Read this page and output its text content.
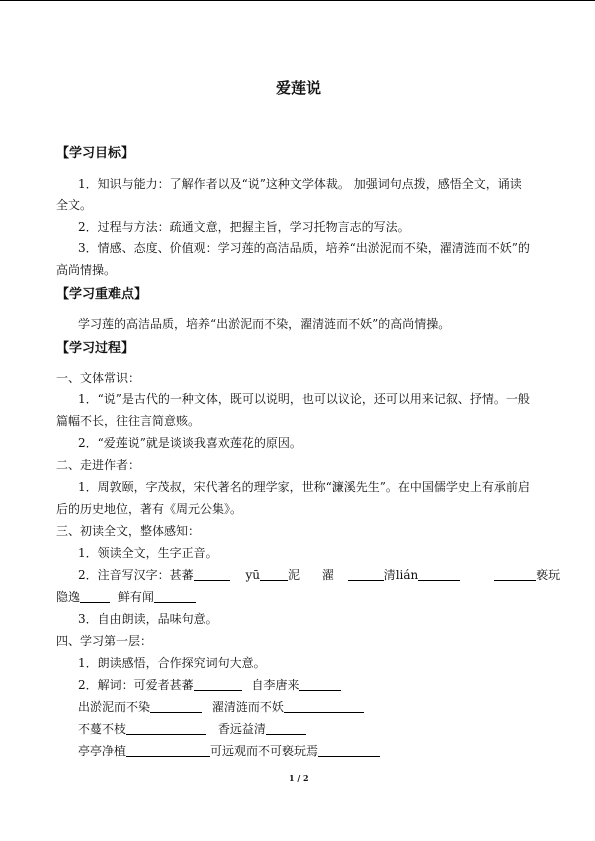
爱莲说
【学习目标】
1．知识与能力：了解作者以及“说”这种文学体裁。 加强词句点拨，感悟全文，诵读
全文。
2．过程与方法：疏通文意，把握主旨，学习托物言志的写法。
3．情感、态度、价值观：学习莲的高洁品质，培养“出淤泥而不染，濯清涟而不妖”的
高尚情操。
【学习重难点】
学习莲的高洁品质，培养“出淤泥而不染，濯清涟而不妖”的高尚情操。
【学习过程】
一、文体常识：
1．“说”是古代的一种文体，既可以说明，也可以议论，还可以用来记叙、抒情。一般
篇幅不长，往往言简意赅。
2．“爱莲说”就是谈谈我喜欢莲花的原因。
二、走进作者：
1．周敦颐，字茂叔，宋代著名的理学家，世称“濂溪先生”。在中国儒学史上有承前启
后的历史地位，著有《周元公集》。
三、初读全文，整体感知：
1．领读全文，生字正音。
2．注音写汉字：甚蕃	yū 泥 濯	清lián	亵玩
隐逸	鲜有闻
3．自由朗读，品味句意。
四、学习第一层：
1．朗读感悟，合作探究词句大意。
2．解词：可爱者甚蕃	自李唐来
出淤泥而不染	濯清涟而不妖
不蔓不枝	香远益清
亭亭净植	可远观而不可亵玩焉
1 / 2
